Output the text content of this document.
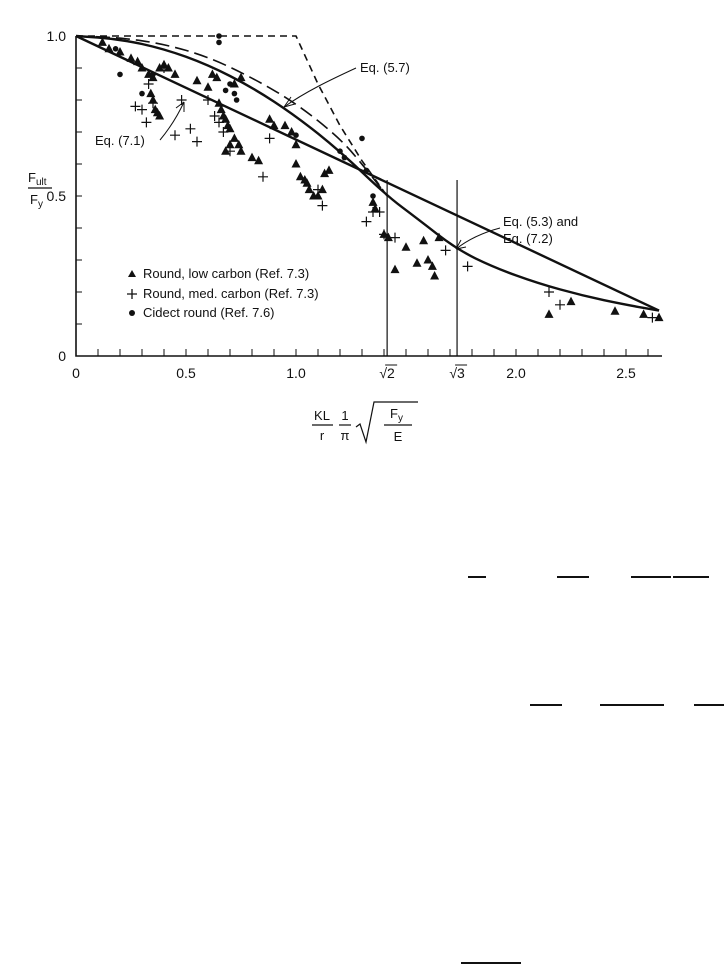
0	0.5	1.0	√2	√3	2.0	2.5
0
0.5
1.0
$F_{ult}$
$F_y$
KL
r
1
π
$F_y$
E
Eq. (5.7)
Eq. (7.1)
Eq. (5.3) and
Eq. (7.2)
Round, low carbon (Ref. 7.3)
Round, med. carbon (Ref. 7.3)
Cidect round (Ref. 7.6)
